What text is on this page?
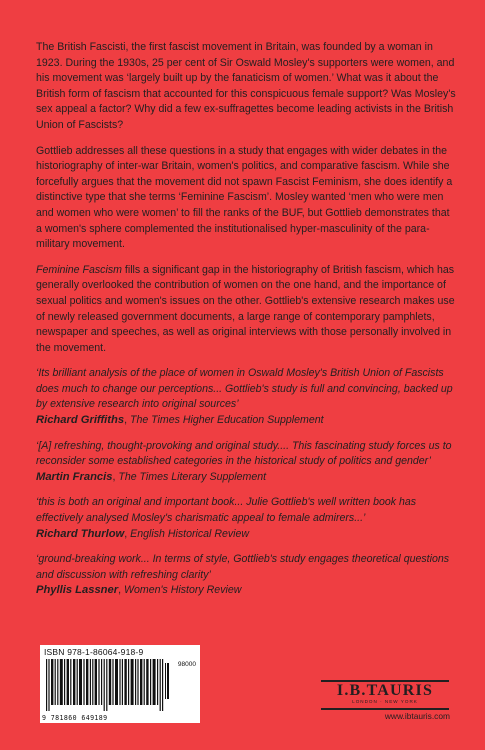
The British Fascisti, the first fascist movement in Britain, was founded by a woman in 1923. During the 1930s, 25 per cent of Sir Oswald Mosley's supporters were women, and his movement was ‘largely built up by the fanaticism of women.’ What was it about the British form of fascism that accounted for this conspicuous female support? Was Mosley's sex appeal a factor? Why did a few ex-suffragettes become leading activists in the British Union of Fascists?

Gottlieb addresses all these questions in a study that engages with wider debates in the historiography of inter-war Britain, women's politics, and comparative fascism. While she forcefully argues that the movement did not spawn Fascist Feminism, she does identify a distinctive type that she terms ‘Feminine Fascism’. Mosley wanted ‘men who were men and women who were women’ to fill the ranks of the BUF, but Gottlieb demonstrates that a women's sphere complemented the institutionalised hyper-masculinity of the para-military movement.

Feminine Fascism fills a significant gap in the historiography of British fascism, which has generally overlooked the contribution of women on the one hand, and the importance of sexual politics and women's issues on the other. Gottlieb's extensive research makes use of newly released government documents, a large range of contemporary pamphlets, newspaper and speeches, as well as original interviews with those personally involved in the movement.

‘Its brilliant analysis of the place of women in Oswald Mosley's British Union of Fascists does much to change our perceptions... Gottlieb's study is full and convincing, backed up by extensive research into original sources’

Richard Griffiths, The Times Higher Education Supplement

‘[A] refreshing, thought-provoking and original study.... This fascinating study forces us to reconsider some established categories in the historical study of politics and gender’

Martin Francis, The Times Literary Supplement

‘this is both an original and important book... Julie Gottlieb's well written book has effectively analysed Mosley's charismatic appeal to female admirers...’

Richard Thurlow, English Historical Review

‘ground-breaking work... In terms of style, Gottlieb's study engages theoretical questions and discussion with refreshing clarity’

Phyllis Lassner, Women's History Review

ISBN 978-1-86064-918-9
98000
9 781860 649189
I.B.TAURIS
LONDON · NEW YORK
www.ibtauris.com
